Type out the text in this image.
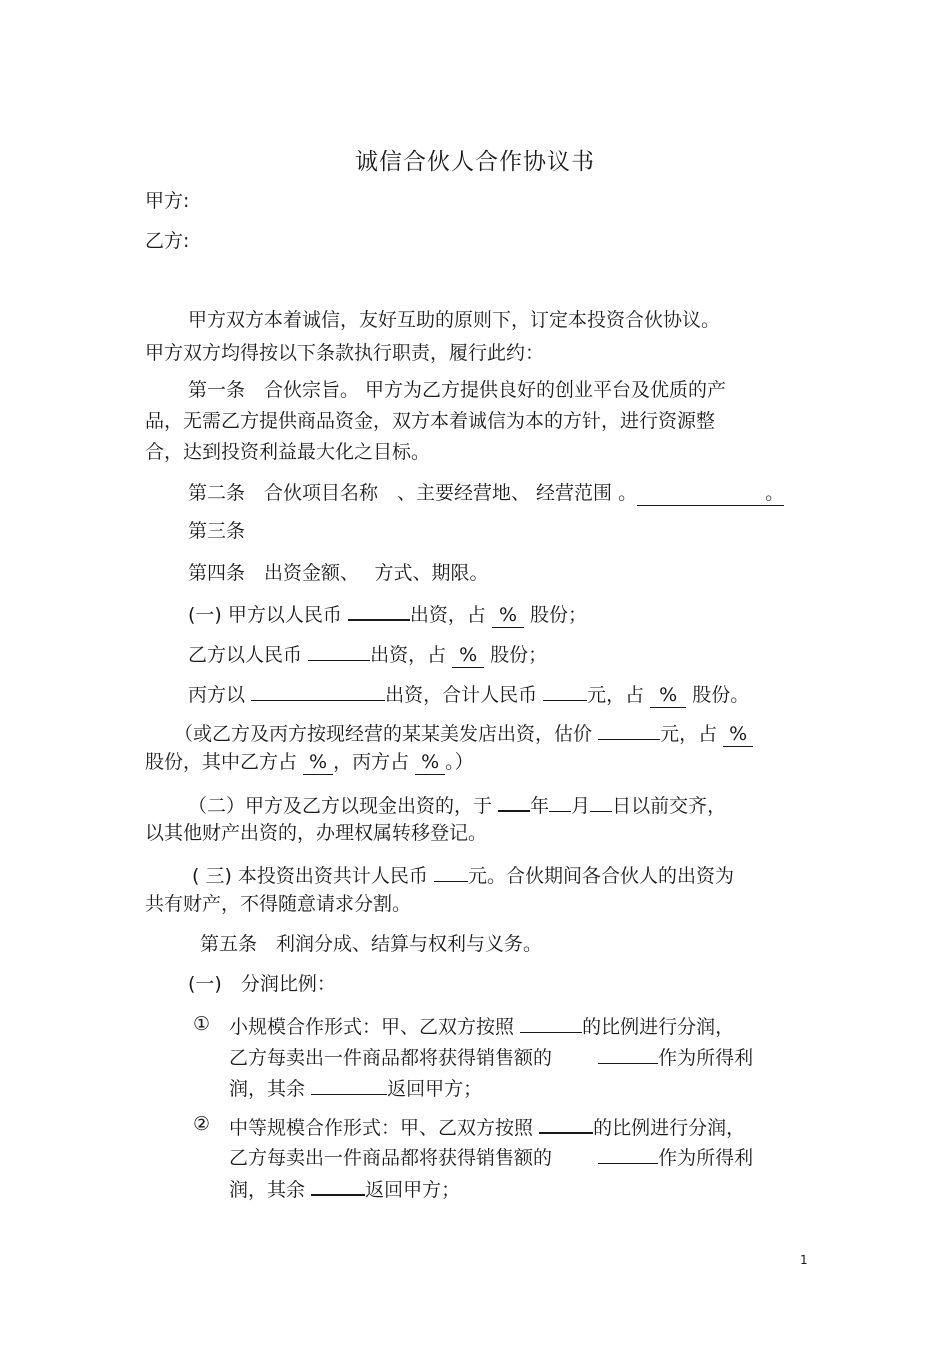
诚信合伙人合作协议书
甲方:
乙方:
甲方双方本着诚信，友好互助的原则下，订定本投资合伙协议。
甲方双方均得按以下条款执行职责，履行此约：
第一条　合伙宗旨。 甲方为乙方提供良好的创业平台及优质的产
品，无需乙方提供商品资金，双方本着诚信为本的方针，进行资源整
合，达到投资利益最大化之目标。
第二条　合伙项目名称　、主要经营地、 经营范围 。	。
第三条
第四条　出资金额、　 方式、期限。
(一) 甲方以人民币	出资，占 % 股份；
乙方以人民币	出资，占 % 股份；
丙方以	出资，合计人民币	元，占 % 股份。
（或乙方及丙方按现经营的某某美发店出资，估价	元，占 %
股份，其中乙方占 % ，丙方占 % 。）
（二）甲方及乙方以现金出资的，于 年 月 日以前交齐，
以其他财产出资的，办理权属转移登记。
( 三) 本投资出资共计人民币 元。合伙期间各合伙人的出资为
共有财产，不得随意请求分割。
第五条　利润分成、结算与权利与义务。
(一)　分润比例：
① 小规模合作形式：甲、乙双方按照	的比例进行分润，
乙方每卖出一件商品都将获得销售额的	作为所得利
润，其余	返回甲方；
② 中等规模合作形式：甲、乙双方按照	的比例进行分润，
乙方每卖出一件商品都将获得销售额的	作为所得利
润，其余	返回甲方；
1
